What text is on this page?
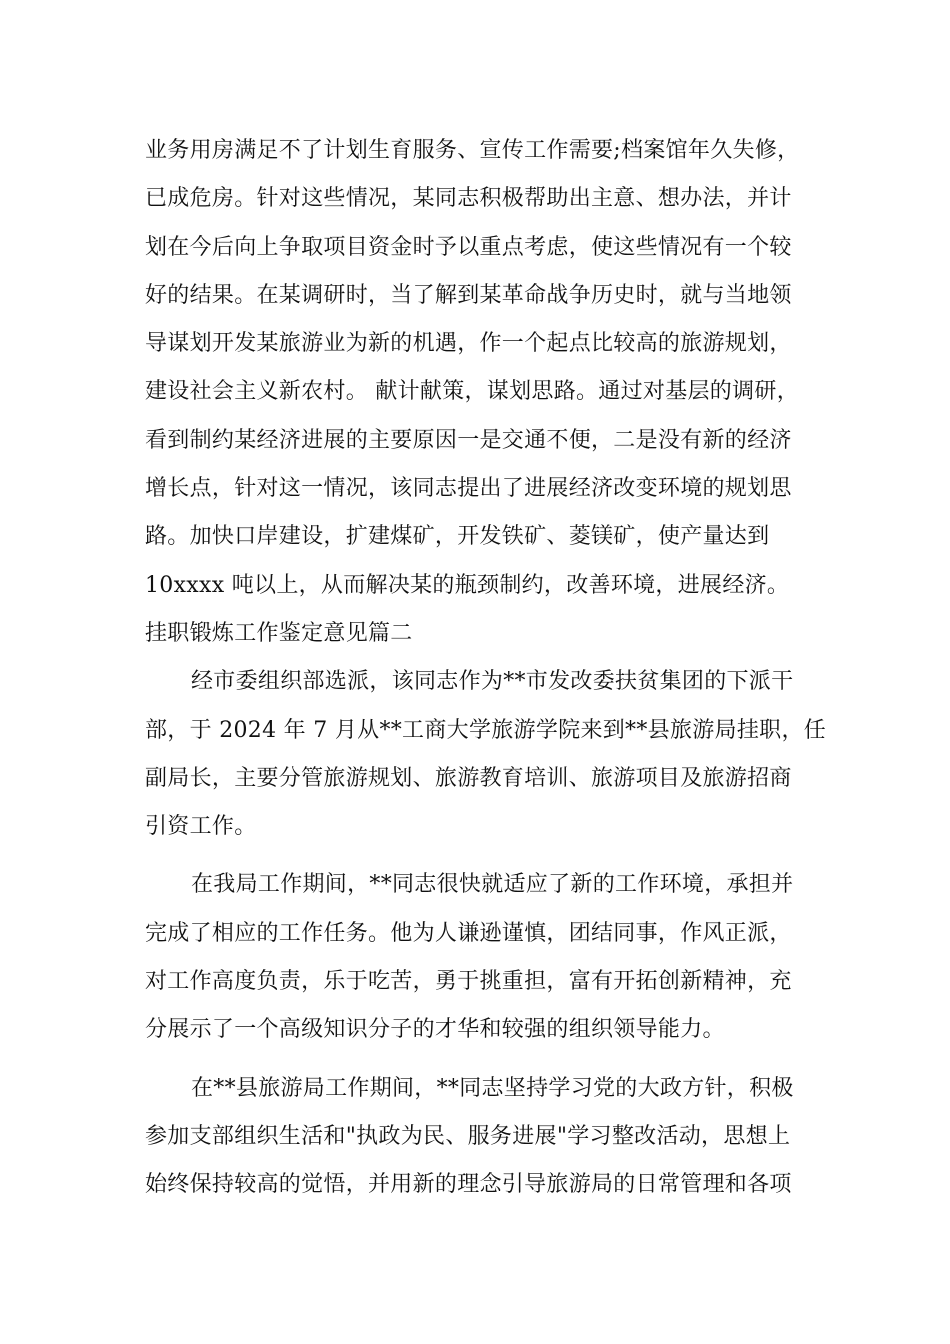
业务用房满足不了计划生育服务、宣传工作需要;档案馆年久失修，
已成危房。针对这些情况，某同志积极帮助出主意、想办法，并计
划在今后向上争取项目资金时予以重点考虑，使这些情况有一个较
好的结果。在某调研时，当了解到某革命战争历史时，就与当地领
导谋划开发某旅游业为新的机遇，作一个起点比较高的旅游规划，
建设社会主义新农村。 献计献策，谋划思路。通过对基层的调研，
看到制约某经济进展的主要原因一是交通不便，二是没有新的经济
增长点，针对这一情况，该同志提出了进展经济改变环境的规划思
路。加快口岸建设，扩建煤矿，开发铁矿、菱镁矿，使产量达到
10xxxx 吨以上，从而解决某的瓶颈制约，改善环境，进展经济。
挂职锻炼工作鉴定意见篇二
经市委组织部选派，该同志作为**市发改委扶贫集团的下派干
部，于 2024 年 7 月从**工商大学旅游学院来到**县旅游局挂职，任
副局长，主要分管旅游规划、旅游教育培训、旅游项目及旅游招商
引资工作。
在我局工作期间，**同志很快就适应了新的工作环境，承担并
完成了相应的工作任务。他为人谦逊谨慎，团结同事，作风正派，
对工作高度负责，乐于吃苦，勇于挑重担，富有开拓创新精神，充
分展示了一个高级知识分子的才华和较强的组织领导能力。
在**县旅游局工作期间，**同志坚持学习党的大政方针，积极
参加支部组织生活和"执政为民、服务进展"学习整改活动，思想上
始终保持较高的觉悟，并用新的理念引导旅游局的日常管理和各项
